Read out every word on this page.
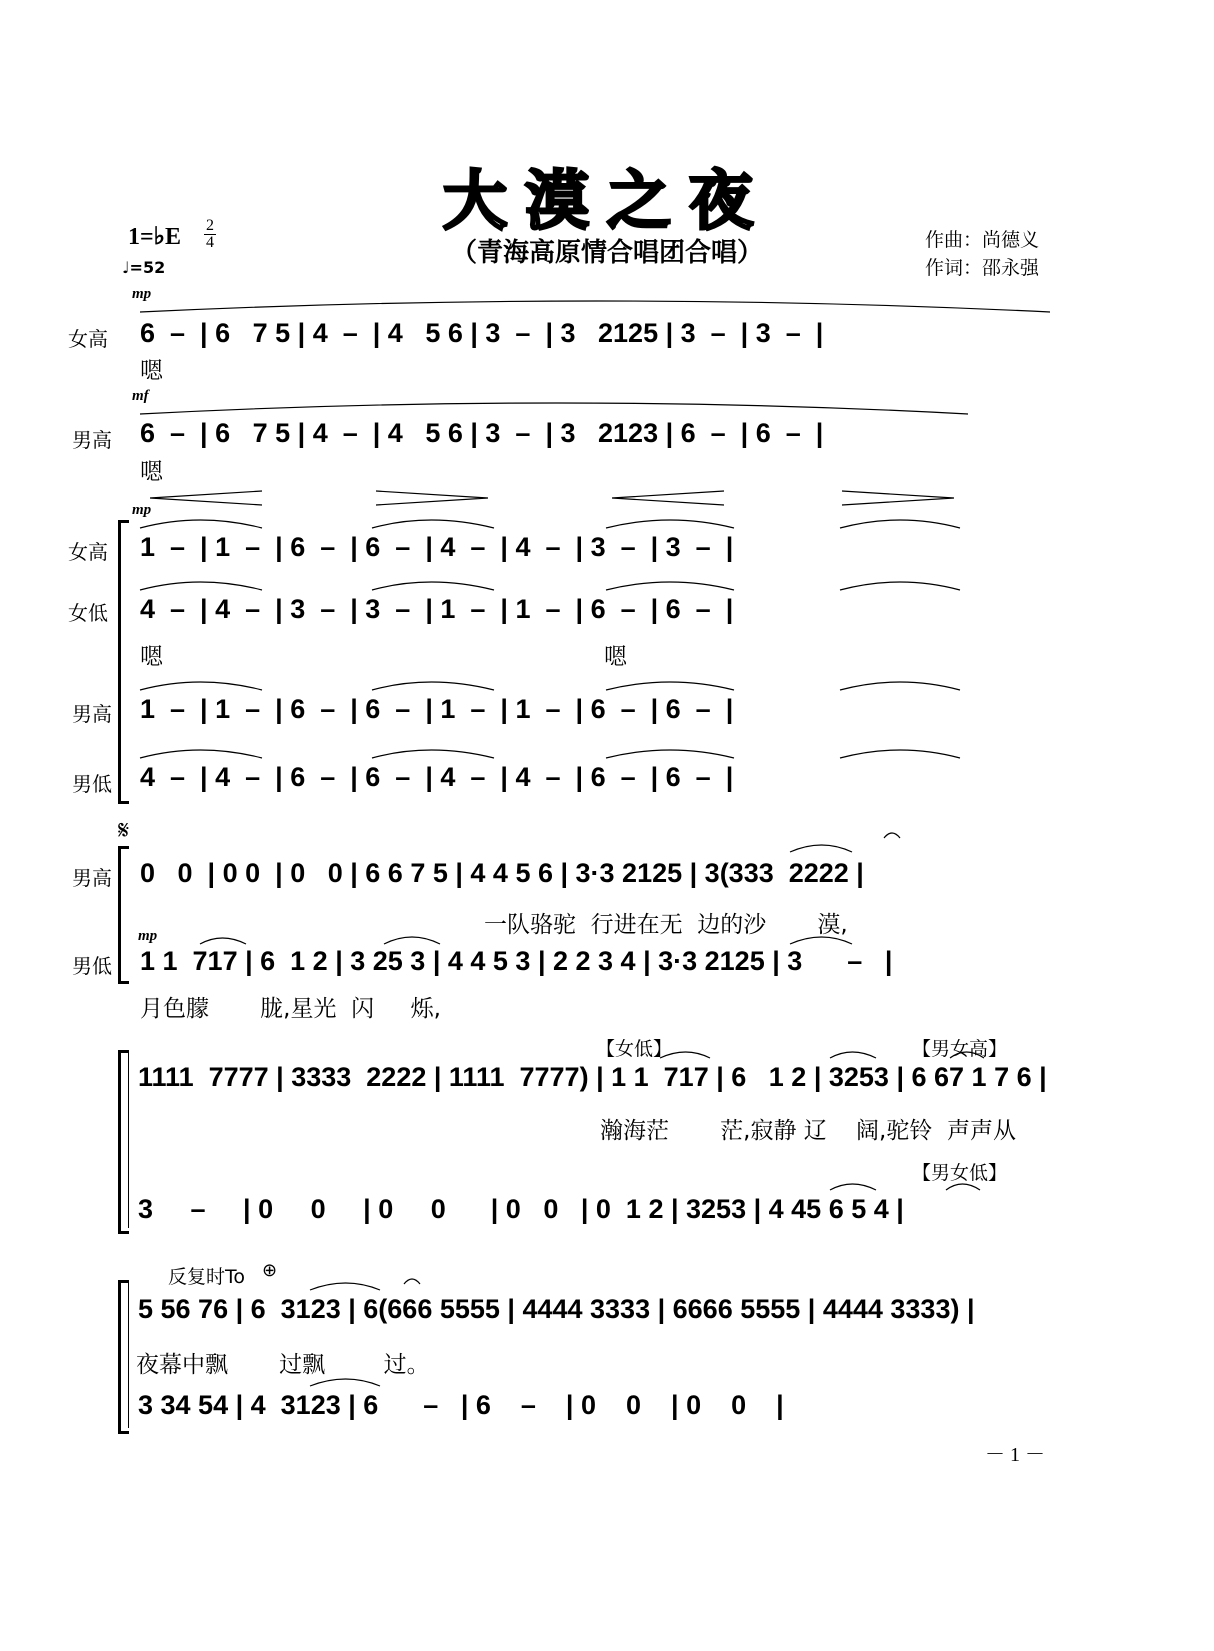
大漠之夜
（青海高原情合唱团合唱）	作曲：尚德义
作词：邵永强
1=♭E $\frac{2}{4}$
♩=52
mp
女高 6  –  | 6   7 5 | 4  –  | 4   5 6 | 3  –  | 3   2125 | 3  –  | 3  –  |
嗯
mf
男高 6  –  | 6   7 5 | 4  –  | 4   5 6 | 3  –  | 3   2123 | 6  –  | 6  –  |
嗯
mp
女高 1  –  | 1  –  | 6  –  | 6  –  | 4  –  | 4  –  | 3  –  | 3  –  |
女低 4  –  | 4  –  | 3  –  | 3  –  | 1  –  | 1  –  | 6  –  | 6  –  |
嗯	嗯
男高 1  –  | 1  –  | 6  –  | 6  –  | 1  –  | 1  –  | 6  –  | 6  –  |
男低 4  –  | 4  –  | 6  –  | 6  –  | 4  –  | 4  –  | 6  –  | 6  –  |
𝄋
男高 0   0  | 0 0  | 0   0 | 6 6 7 5 | 4 4 5 6 | 3·3 2125 | 3(333  2222 |
一队骆驼  行进在无  边的沙       漠,
mp
男低 1 1  717 | 6  1 2 | 3 25 3 | 4 4 5 3 | 2 2 3 4 | 3·3 2125 | 3      –   |
月色朦       胧,星光  闪     烁,
【女低】	【男女高】
1111  7777 | 3333  2222 | 1111  7777) | 1 1  717 | 6   1 2 | 3253 | 6 67 1 7 6 |
瀚海茫       茫,寂静 辽    阔,驼铃  声声从
【男女低】
3     –     | 0     0     | 0     0      | 0   0   | 0  1 2 | 3253 | 4 45 6 5 4 |
反复时To ⊕
5 56 76 | 6  3123 | 6(666 5555 | 4444 3333 | 6666 5555 | 4444 3333) |
夜幕中飘       过飘        过。
3 34 54 | 4  3123 | 6      –   | 6    –    | 0    0    | 0    0    |
－ 1 －
